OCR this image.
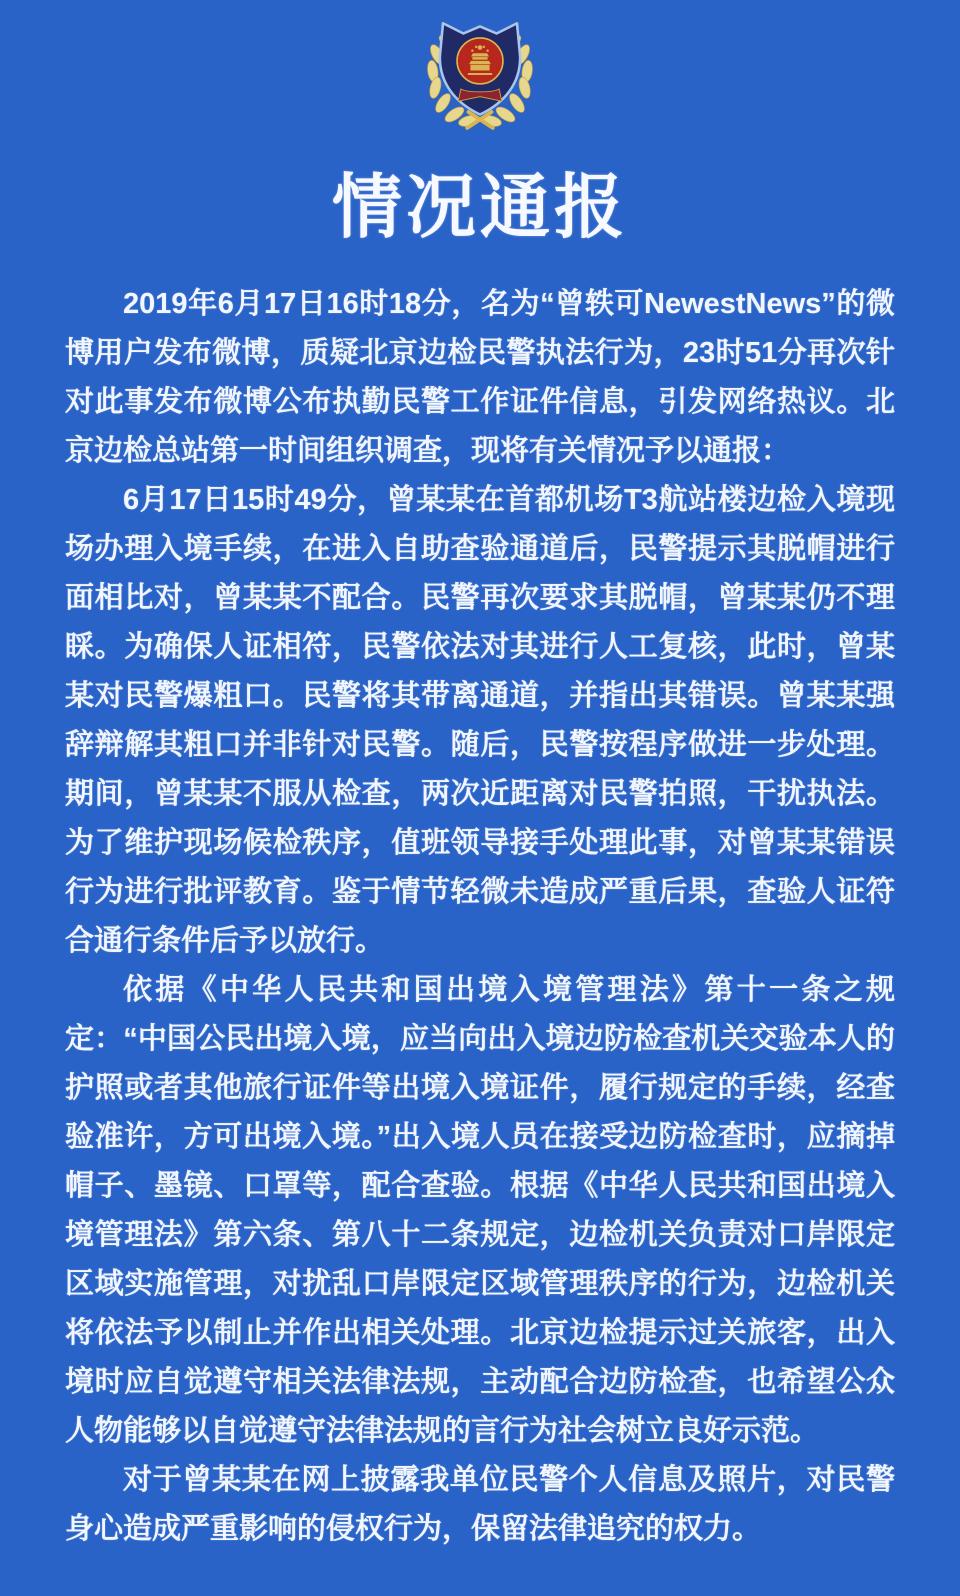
情况通报

2019年6月17日16时18分，名为“曾轶可NewestNews”的微博用户发布微博，质疑北京边检民警执法行为，23时51分再次针对此事发布微博公布执勤民警工作证件信息，引发网络热议。北京边检总站第一时间组织调查，现将有关情况予以通报：

6月17日15时49分，曾某某在首都机场T3航站楼边检入境现场办理入境手续，在进入自助查验通道后，民警提示其脱帽进行面相比对，曾某某不配合。民警再次要求其脱帽，曾某某仍不理睬。为确保人证相符，民警依法对其进行人工复核，此时，曾某某对民警爆粗口。民警将其带离通道，并指出其错误。曾某某强辞辩解其粗口并非针对民警。随后，民警按程序做进一步处理。期间，曾某某不服从检查，两次近距离对民警拍照，干扰执法。为了维护现场候检秩序，值班领导接手处理此事，对曾某某错误行为进行批评教育。鉴于情节轻微未造成严重后果，查验人证符合通行条件后予以放行。

依据《中华人民共和国出境入境管理法》第十一条之规定：“中国公民出境入境，应当向出入境边防检查机关交验本人的护照或者其他旅行证件等出境入境证件，履行规定的手续，经查验准许，方可出境入境。”出入境人员在接受边防检查时，应摘掉帽子、墨镜、口罩等，配合查验。根据《中华人民共和国出境入境管理法》第六条、第八十二条规定，边检机关负责对口岸限定区域实施管理，对扰乱口岸限定区域管理秩序的行为，边检机关将依法予以制止并作出相关处理。北京边检提示过关旅客，出入境时应自觉遵守相关法律法规，主动配合边防检查，也希望公众人物能够以自觉遵守法律法规的言行为社会树立良好示范。

对于曾某某在网上披露我单位民警个人信息及照片，对民警身心造成严重影响的侵权行为，保留法律追究的权力。
